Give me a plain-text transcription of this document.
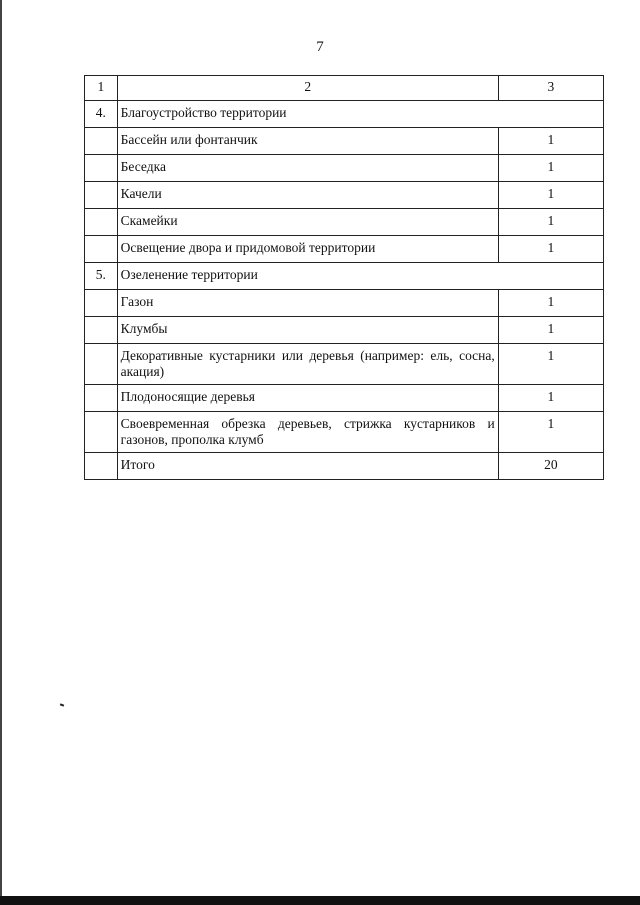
7
1	2	3
4.	Благоустройство территории	
	Бассейн или фонтанчик	1
	Беседка	1
	Качели	1
	Скамейки	1
	Освещение двора и придомовой территории	1
5.	Озеленение территории	
	Газон	1
	Клумбы	1
	Декоративные кустарники или деревья (например: ель, сосна, акация)	1
	Плодоносящие деревья	1
	Своевременная обрезка деревьев, стрижка кустарников и газонов, прополка клумб	1
	Итого	20
